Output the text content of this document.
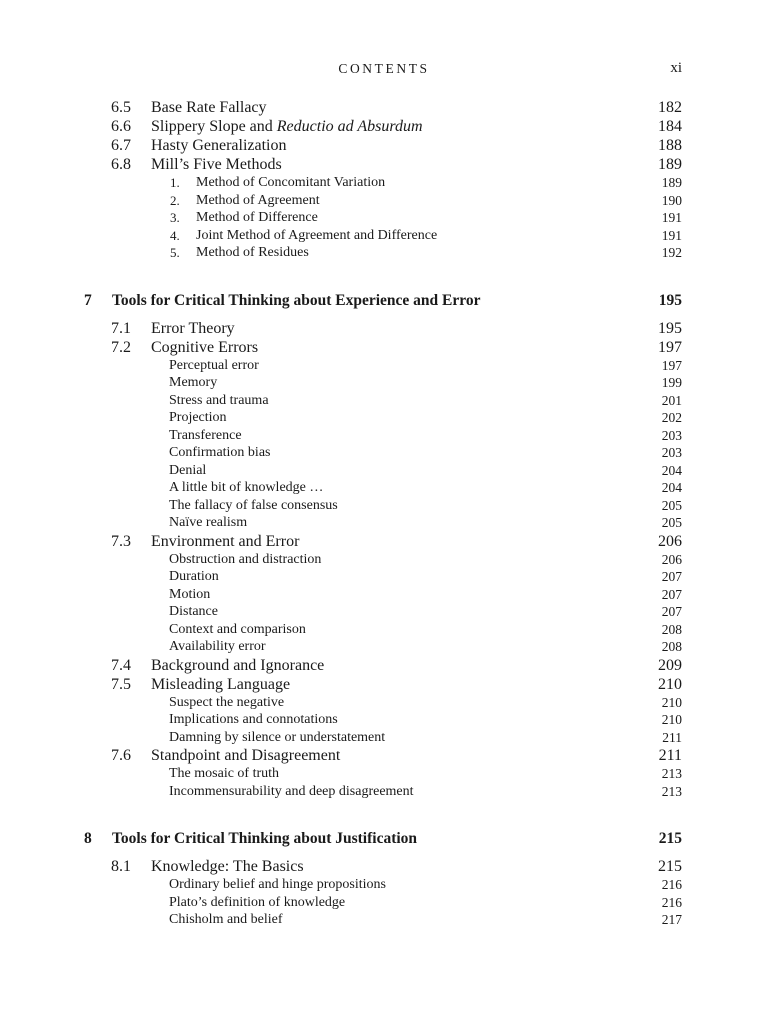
CONTENTS	xi
6.5 Base Rate Fallacy	182
6.6 Slippery Slope and Reductio ad Absurdum	184
6.7 Hasty Generalization	188
6.8 Mill’s Five Methods	189
1. Method of Concomitant Variation	189
2. Method of Agreement	190
3. Method of Difference	191
4. Joint Method of Agreement and Difference	191
5. Method of Residues	192
7 Tools for Critical Thinking about Experience and Error	195
7.1 Error Theory	195
7.2 Cognitive Errors	197
Perceptual error	197
Memory	199
Stress and trauma	201
Projection	202
Transference	203
Confirmation bias	203
Denial	204
A little bit of knowledge …	204
The fallacy of false consensus	205
Naïve realism	205
7.3 Environment and Error	206
Obstruction and distraction	206
Duration	207
Motion	207
Distance	207
Context and comparison	208
Availability error	208
7.4 Background and Ignorance	209
7.5 Misleading Language	210
Suspect the negative	210
Implications and connotations	210
Damning by silence or understatement	211
7.6 Standpoint and Disagreement	211
The mosaic of truth	213
Incommensurability and deep disagreement	213
8 Tools for Critical Thinking about Justification	215
8.1 Knowledge: The Basics	215
Ordinary belief and hinge propositions	216
Plato’s definition of knowledge	216
Chisholm and belief	217
